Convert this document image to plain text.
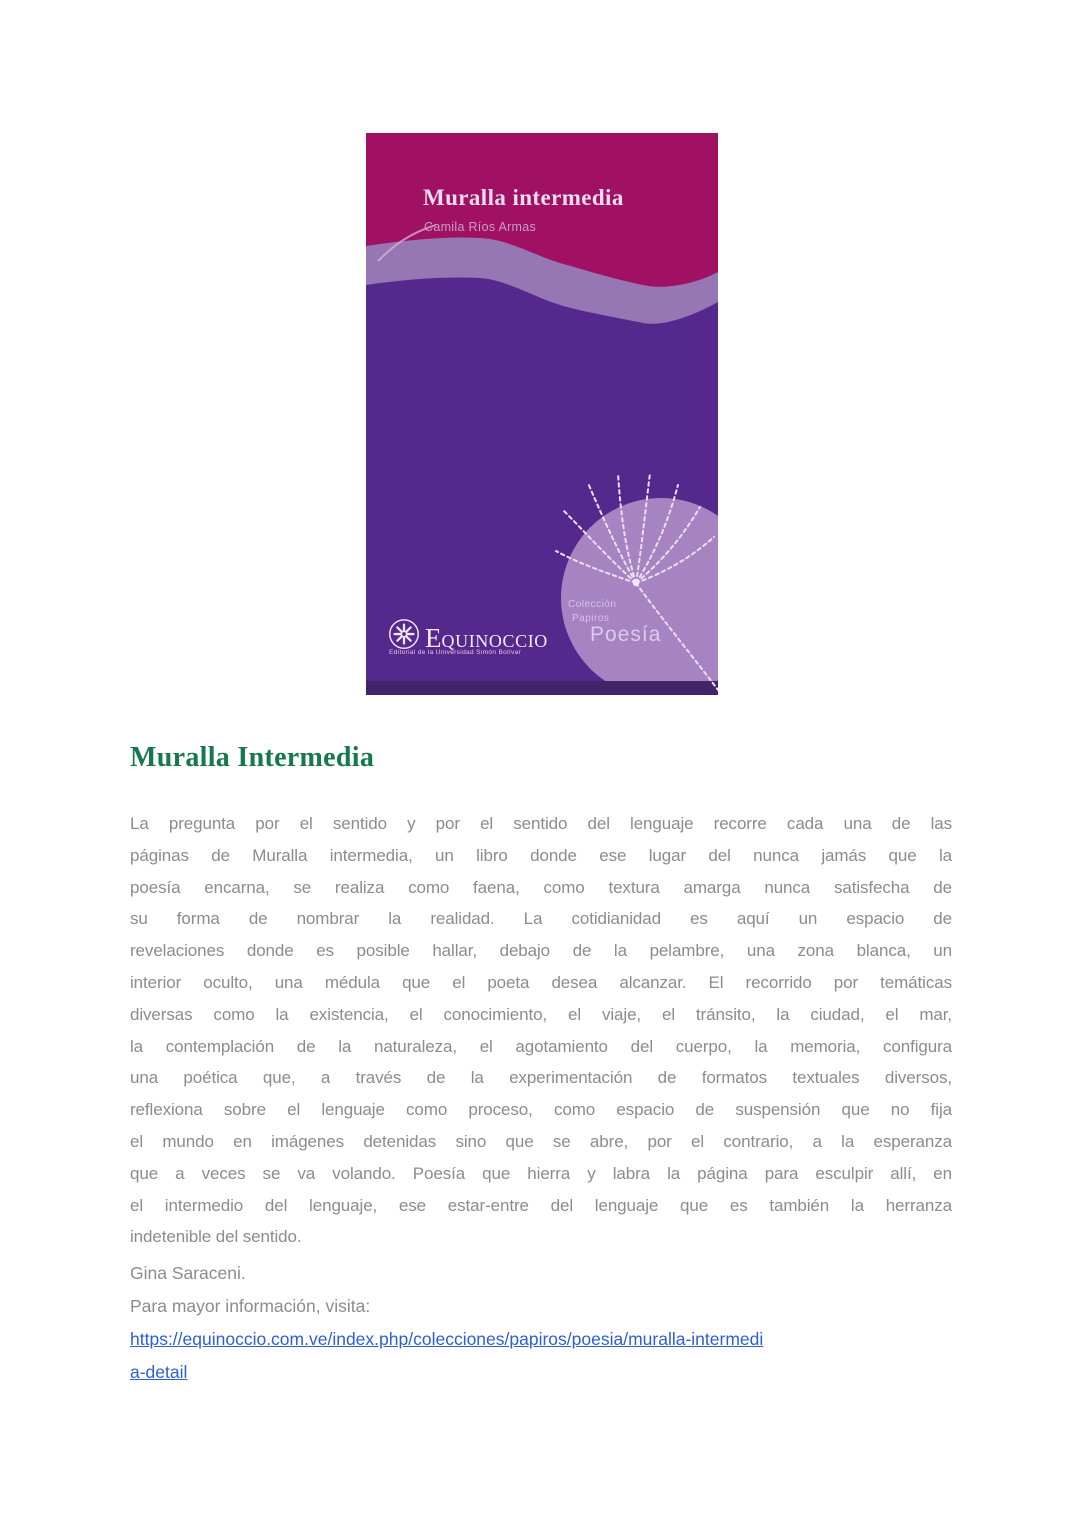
Muralla intermedia
Camila Ríos Armas
EQUINOCCIO
Editorial de la Universidad Simón Bolívar
Colección
Papiros
Poesía
Muralla Intermedia
La pregunta por el sentido y por el sentido del lenguaje recorre cada una de las
páginas de Muralla intermedia, un libro donde ese lugar del nunca jamás que la
poesía encarna, se realiza como faena, como textura amarga nunca satisfecha de
su forma de nombrar la realidad. La cotidianidad es aquí un espacio de
revelaciones donde es posible hallar, debajo de la pelambre, una zona blanca, un
interior oculto, una médula que el poeta desea alcanzar. El recorrido por temáticas
diversas como la existencia, el conocimiento, el viaje, el tránsito, la ciudad, el mar,
la contemplación de la naturaleza, el agotamiento del cuerpo, la memoria, configura
una poética que, a través de la experimentación de formatos textuales diversos,
reflexiona sobre el lenguaje como proceso, como espacio de suspensión que no fija
el mundo en imágenes detenidas sino que se abre, por el contrario, a la esperanza
que a veces se va volando. Poesía que hierra y labra la página para esculpir allí, en
el intermedio del lenguaje, ese estar-entre del lenguaje que es también la herranza
indetenible del sentido.
Gina Saraceni.
Para mayor información, visita:
https://equinoccio.com.ve/index.php/colecciones/papiros/poesia/muralla-intermedi
a-detail
